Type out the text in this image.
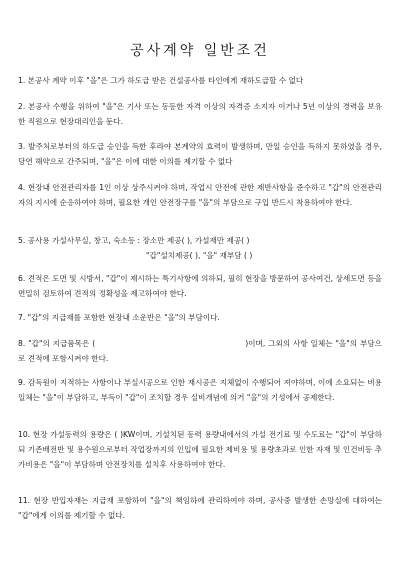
공사계약 일반조건

1. 본공사 계약 이후 "을"은 그가 하도급 받은 건설공사를 타인에게 재하도급할 수 없다

2. 본공사 수행을 위하여 "을"은 기사 또는 동등한 자격 이상의 자격증 소지자 이거나 5년 이상의 경력을 보유한 직원으로 현장대리인을 둔다.

3. 발주처로부터의 하도급 승인을 득한 후라야 본계약의 효력이 발생하며, 만일 승인을 득하지 못하였을 경우, 당연 해약으로 간주되며, "을"은 이에 대한 이의를 제기할 수 없다

4. 현장내 안전관리자를 1인 이상 상주시켜야 하며, 작업시 안전에 관한 제반사항을 준수하고 "갑"의 안전관리자의 지시에 순응하여야 하며, 필요한 개인 안전장구를 "을"의 부담으로 구입 반드시 착용하여야 한다.

5. 공사용 가설사무실, 창고, 숙소등 : 장소만 제공( ), 가설재만 제공( )

"갑"설치제공( ), "을" 재부담 ( )

6. 견적은 도면 및 시방서, "갑"이 제시하는 특기사항에 의하되, 필히 현장을 방문하여 공사여건, 상세도면 등을 면밀히 검토하여 견적의 정확성을 제고하여야 한다.

7. "갑"의 지급재를 포함한 현장내 소운반은 "을"의 부담이다.

8. "갑"의 지급품목은 (	)이며, 그외의 사항 일체는 "을"의 부담으로 견적에 포함시켜야 한다.

9. 감독원이 지적하는 사항이나 부실시공으로 인한 재시공은 지체없이 수행되어 져야하며, 이에 소요되는 비용 일체는 "을"이 부담하고, 부득이 "갑"이 조치할 경우 실비개념에 의거 "을"의 기성에서 공제한다.

10. 현장 가설동력의 용량은 ( )KW이며, 기설치된 동력 용량내에서의 가설 전기료 및 수도료는 "갑"이 부담하되 기존배전반 및 용수원으로부터 작업장까지의 인입에 필요한 제비용 및 용량초과로 인한 자재 및 인건비등 추가비용은 "을"이 부담하며 안전장치를 설치후 사용하여야 한다.

11. 현장 반입자재는 지급재 포함하여 "을"의 책임하에 관리하여야 하며, 공사중 발생한 손망실에 대하여는 "갑"에게 이의를 제기할 수 없다.
